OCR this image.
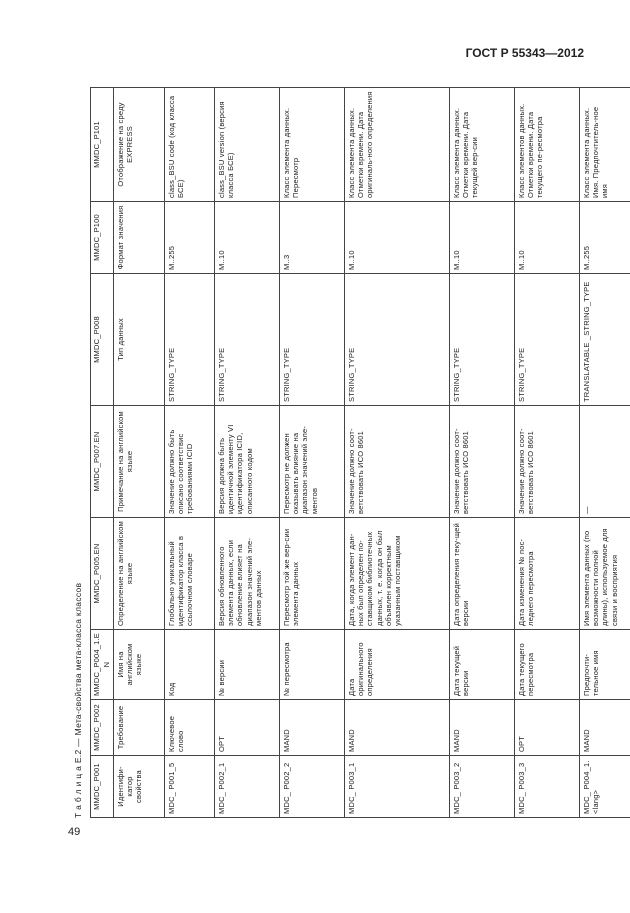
ГОСТ Р 55343—2012
49
Т а б л и ц а Е.2 — Мета-свойства мета-класса классов	MMDC_P001	MMDC_P002	MMDC_P004_1.EN	MMDC_P005.EN	MMDC_P007.EN	MMDC_P008	MMDC_P100	MMDC_P101
Идентифи-катор свойства	Требование	Имя на английском языке	Определение на английском языке	Примечание на английском языке	Тип данных	Формат значения	Отображение на среду EXPRESS
MDC_ P001_5	Ключевое слово	Код	Глобально уникальный идентификатор класса в ссылочном словаре	Значение должно быть описано соответствис требованиями ICID	STRING_TYPE	M..255	class_BSU code (код класса БСЕ)
MDC_ P002_1	OPT	№ версии	Версия обновленного элемента данных, если обновление влияет на диапазон значений эле-ментов данных	Версия должна быть идентичной элементу VI идентификатора ICID, описанного кодом	STRING_TYPE	M..10	class_BSU version (версия класса БСЕ)
MDC_ P002_2	MAND	№ пересмотра	Пересмотр той же вер-сии элемента данных	Пересмотр не должен оказывать влияние на диапазон значений эле-ментов	STRING_TYPE	M..3	Класс элемента данных. Пересмотр
MDC_ P003_1	MAND	Дата оригинального определения	Дата, когда элемент дан-ных был определен по-ставщиком библиотечных данных, т. е. когда он был объявлен корректным указанным поставщиком	Значение должно соот-ветствовать ИСО 8601	STRING_TYPE	M..10	Класс элемента данных. Отметки времени. Дата оригиналь-ного определения
MDC_ P003_2	MAND	Дата текущей версии	Дата определения теку-щей версии	Значение должно соот-ветствовать ИСО 8601	STRING_TYPE	M..10	Класс элемента данных. Отметки времени. Дата текущей вер-сии
MDC_ P003_3	OPT	Дата текущего пересмотра	Дата изменения № пос-леднего пересмотра	Значение должно соот-ветствовать ИСО 8601	STRING_TYPE	M..10	Класс элементов данных. Отметки времени. Дата текущего пе-ресмотра
MDC_ P004_1. <lang>	MAND	Предпочти-тельное имя	Имя элемента данных (по возможности полной длины), используемое для связи и восприятия	—	TRANSLATABLE _STRING_TYPE	M..255	Класс элемента данных. Имя. Предпочтитель-ное имя
